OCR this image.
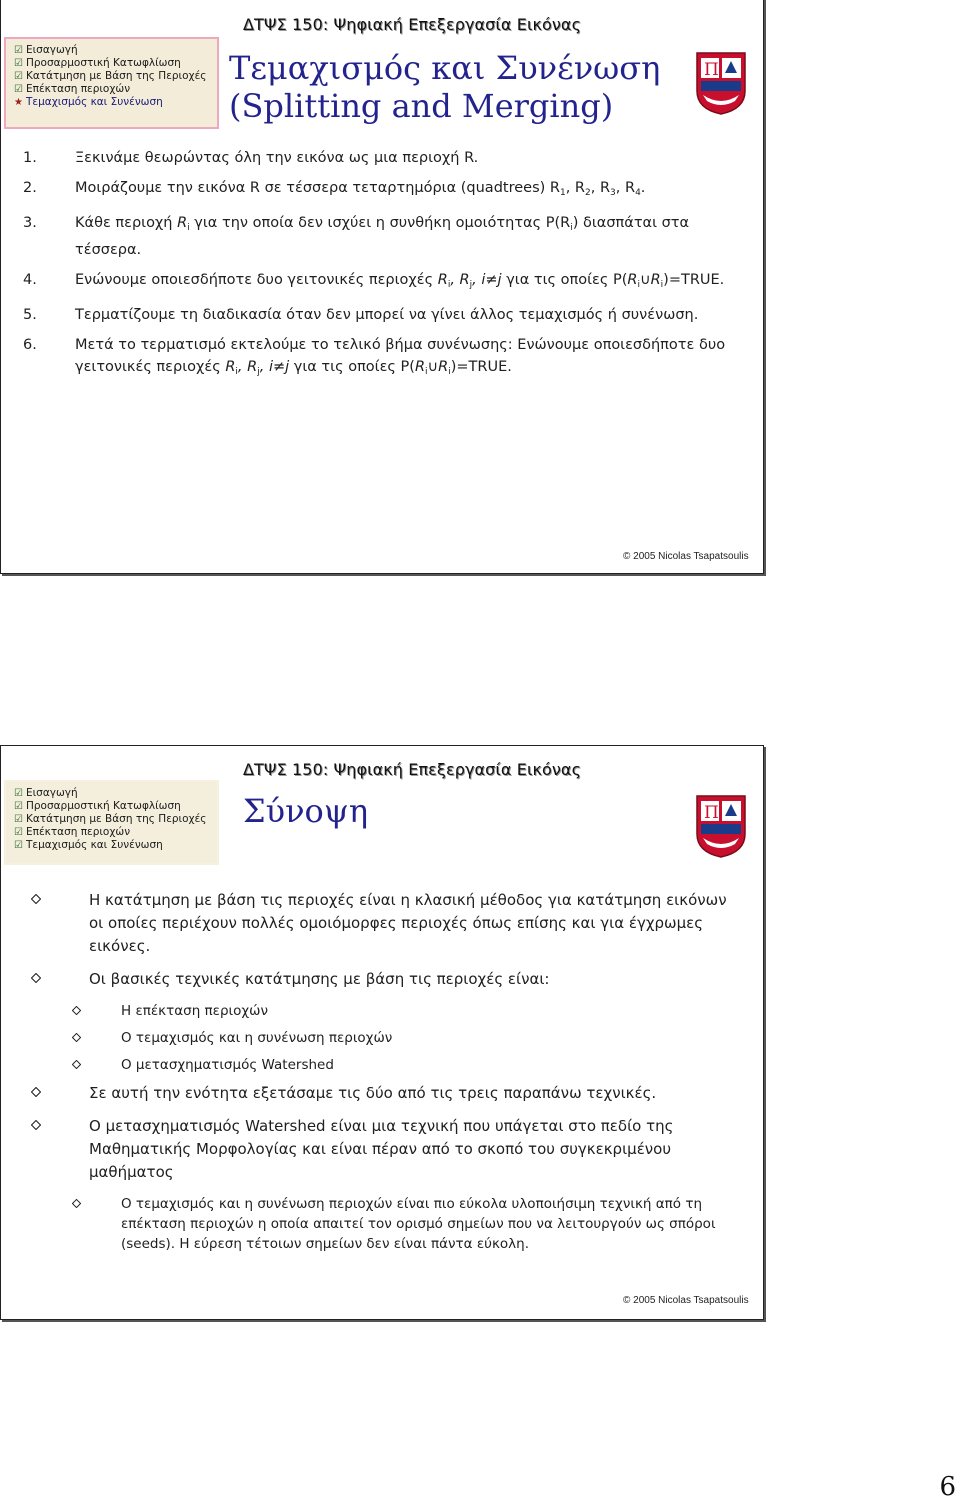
ΔΤΨΣ 150: Ψηφιακή Επεξεργασία Εικόνας
☑ Εισαγωγή
☑ Προσαρμοστική Κατωφλίωση
☑ Κατάτμηση με Βάση της Περιοχές
☑ Επέκταση περιοχών
★ Τεμαχισμός και Συνένωση
Τεμαχισμός και Συνένωση
(Splitting and Merging)
Π
1.	Ξεκινάμε θεωρώντας όλη την εικόνα ως μια περιοχή R.
2.	Μοιράζουμε την εικόνα R σε τέσσερα τεταρτημόρια (quadtrees) $R_1$, $R_2$, $R_3$, $R_4$.
3.	Κάθε περιοχή $R_i$ για την οποία δεν ισχύει η συνθήκη ομοιότητας $P(R_i)$ διασπάται στα τέσσερα.
4.	Ενώνουμε οποιεσδήποτε δυο γειτονικές περιοχές $R_i$, $R_j$, i≠j για τις οποίες $P(R_i\cup R_i)=TRUE$.
5.	Τερματίζουμε τη διαδικασία όταν δεν μπορεί να γίνει άλλος τεμαχισμός ή συνένωση.
6.	Μετά το τερματισμό εκτελούμε το τελικό βήμα συνένωσης: Ενώνουμε οποιεσδήποτε δυο γειτονικές περιοχές $R_i$, $R_j$, i≠j για τις οποίες $P(R_i\cup R_i)=TRUE$.
© 2005 Nicolas Tsapatsoulis
ΔΤΨΣ 150: Ψηφιακή Επεξεργασία Εικόνας
☑ Εισαγωγή
☑ Προσαρμοστική Κατωφλίωση
☑ Κατάτμηση με Βάση της Περιοχές
☑ Επέκταση περιοχών
☑ Τεμαχισμός και Συνένωση
Σύνοψη	Π
Η κατάτμηση με βάση τις περιοχές είναι η κλασική μέθοδος για κατάτμηση εικόνων οι οποίες περιέχουν πολλές ομοιόμορφες περιοχές όπως επίσης και για έγχρωμες εικόνες.
Οι βασικές τεχνικές κατάτμησης με βάση τις περιοχές είναι:
Η επέκταση περιοχών
Ο τεμαχισμός και η συνένωση περιοχών
Ο μετασχηματισμός Watershed
Σε αυτή την ενότητα εξετάσαμε τις δύο από τις τρεις παραπάνω τεχνικές.
Ο μετασχηματισμός Watershed είναι μια τεχνική που υπάγεται στο πεδίο της Μαθηματικής Μορφολογίας και είναι πέραν από το σκοπό του συγκεκριμένου μαθήματος
Ο τεμαχισμός και η συνένωση περιοχών είναι πιο εύκολα υλοποιήσιμη τεχνική από τη επέκταση περιοχών η οποία απαιτεί τον ορισμό σημείων που να λειτουργούν ως σπόροι (seeds). Η εύρεση τέτοιων σημείων δεν είναι πάντα εύκολη.
© 2005 Nicolas Tsapatsoulis
6
